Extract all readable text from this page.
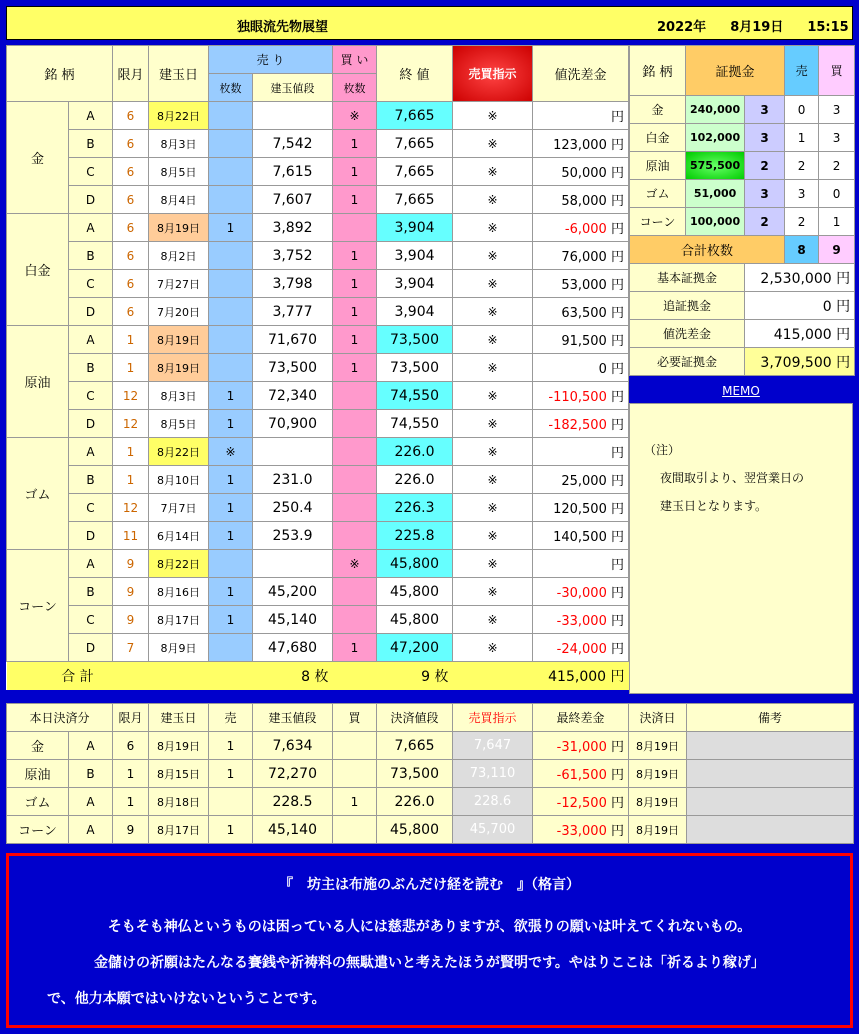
独眼流先物展望	2022年 8月19日 15:15
銘 柄		限月	建玉日	売 り		買 い	終 値	売買指示	値洗差金
				枚数	建玉値段	枚数			
金	A	6	8月22日			※	7,665	※	円
	B	6	8月3日		7,542	1	7,665	※	123,000 円
	C	6	8月5日		7,615	1	7,665	※	50,000 円
	D	6	8月4日		7,607	1	7,665	※	58,000 円
白金	A	6	8月19日	1	3,892		3,904	※	-6,000 円
	B	6	8月2日		3,752	1	3,904	※	76,000 円
	C	6	7月27日		3,798	1	3,904	※	53,000 円
	D	6	7月20日		3,777	1	3,904	※	63,500 円
原油	A	1	8月19日		71,670	1	73,500	※	91,500 円
	B	1	8月19日		73,500	1	73,500	※	0 円
	C	12	8月3日	1	72,340		74,550	※	-110,500 円
	D	12	8月5日	1	70,900		74,550	※	-182,500 円
ゴム	A	1	8月22日	※			226.0	※	円
	B	1	8月10日	1	231.0		226.0	※	25,000 円
	C	12	7月7日	1	250.4		226.3	※	120,500 円
	D	11	6月14日	1	253.9		225.8	※	140,500 円
コーン	A	9	8月22日			※	45,800	※	円
	B	9	8月16日	1	45,200		45,800	※	-30,000 円
	C	9	8月17日	1	45,140		45,800	※	-33,000 円
	D	7	8月9日		47,680	1	47,200	※	-24,000 円
合 計			8 枚			9 枚		415,000 円	
銘 柄	証拠金		売	買
金	240,000	3	0	3
白金	102,000	3	1	3
原油	575,500	2	2	2
ゴム	51,000	3	3	0
コーン	100,000	2	2	1
合計枚数			8	9
基本証拠金		2,530,000 円		
追証拠金		0 円		
値洗差金		415,000 円		
必要証拠金		3,709,500 円		
MEMO
（注）
夜間取引より、翌営業日の
建玉日となります。
本日決済分		限月	建玉日	売	建玉値段	買	決済値段	売買指示	最終差金	決済日	備考
金	A	6	8月19日	1	7,634		7,665	7,647	-31,000 円	8月19日	
原油	B	1	8月15日	1	72,270		73,500	73,110	-61,500 円	8月19日	
ゴム	A	1	8月18日		228.5	1	226.0	228.6	-12,500 円	8月19日	
コーン	A	9	8月17日	1	45,140		45,800	45,700	-33,000 円	8月19日	
『　坊主は布施のぶんだけ経を読む　』（格言）
そもそも神仏というものは困っている人には慈悲がありますが、欲張りの願いは叶えてくれないもの。
金儲けの祈願はたんなる賽銭や祈祷料の無駄遣いと考えたほうが賢明です。やはりここは「祈るより稼げ」
で、他力本願ではいけないということです。
